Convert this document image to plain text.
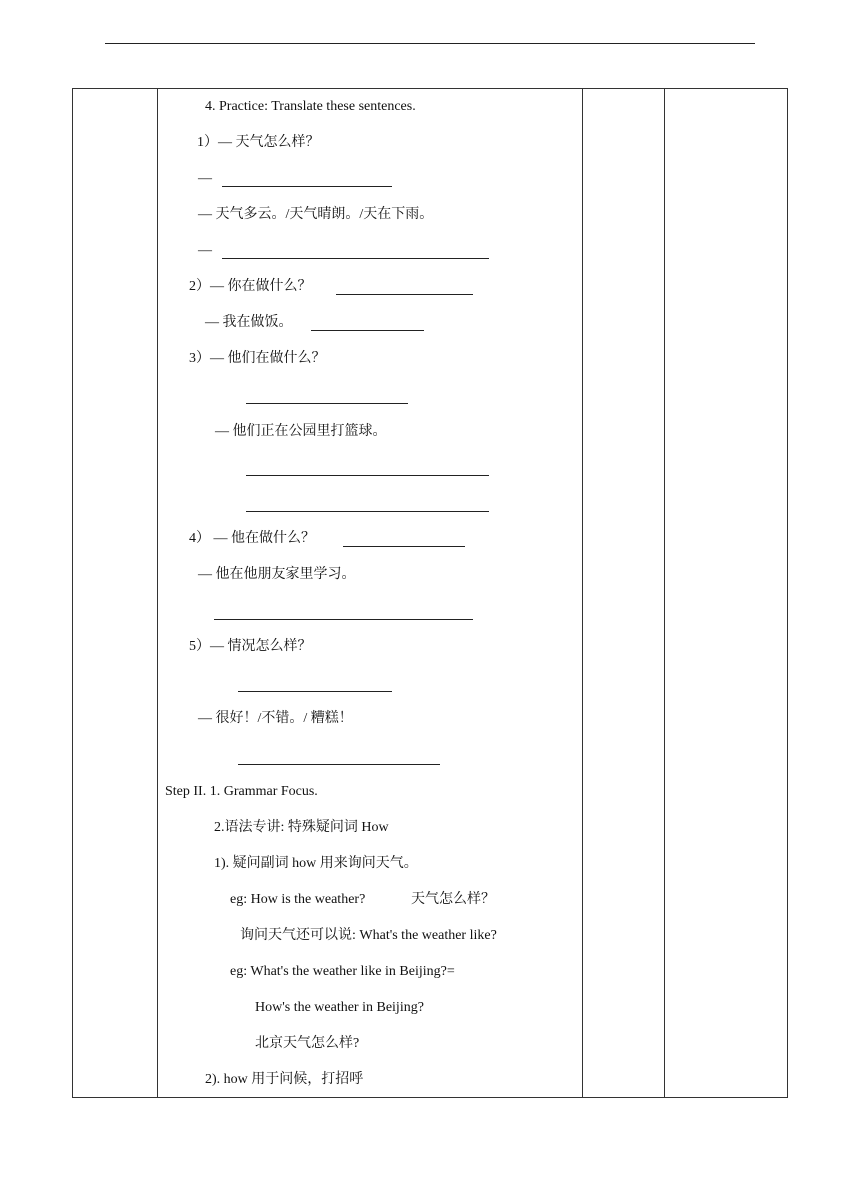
4. Practice: Translate these sentences.
1）— 天气怎么样？
—
— 天气多云。/天气晴朗。/天在下雨。
—
2）— 你在做什么？
— 我在做饭。
3）— 他们在做什么？
— 他们正在公园里打篮球。
4） — 他在做什么？
— 他在他朋友家里学习。
5）— 情况怎么样？
— 很好！/不错。/ 糟糕！
Step II. 1. Grammar Focus.
2.语法专讲: 特殊疑问词 How
1). 疑问副词 how 用来询问天气。
eg: How is the weather?	天气怎么样？
询问天气还可以说: What's the weather like?
eg: What's the weather like in Beijing?=
How's the weather in Beijing?
北京天气怎么样?
2). how 用于问候，打招呼
